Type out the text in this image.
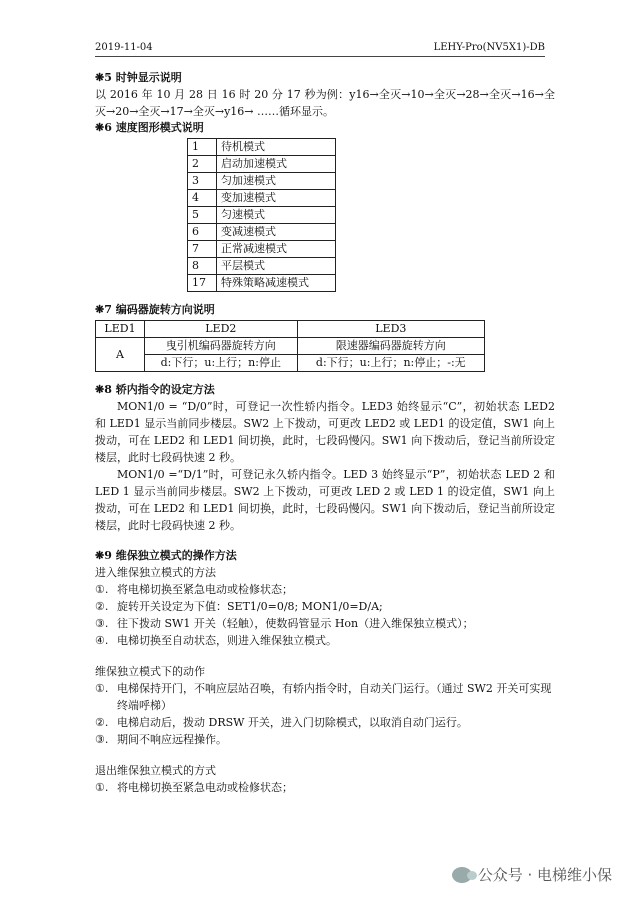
2019-11-04	LEHY-Pro(NV5X1)-DB

❋5 时钟显示说明

以 2016 年 10 月 28 日 16 时 20 分 17 秒为例：y16→全灭→10→全灭→28→全灭→16→全灭→20→全灭→17→全灭→y16→ ……循环显示。

❋6 速度图形模式说明

1	待机模式
2	启动加速模式
3	匀加速模式
4	变加速模式
5	匀速模式
6	变减速模式
7	正常减速模式
8	平层模式
17	特殊策略减速模式

❋7 编码器旋转方向说明

LED1	LED2	LED3
A	曳引机编码器旋转方向	限速器编码器旋转方向
	d:下行；u:上行；n:停止	d:下行；u:上行；n:停止；-:无

❋8 轿内指令的设定方法

MON1/0 = “D/0”时，可登记一次性轿内指令。LED3 始终显示“C”，初始状态 LED2 和 LED1 显示当前同步楼层。SW2 上下拨动，可更改 LED2 或 LED1 的设定值，SW1 向上拨动，可在 LED2 和 LED1 间切换，此时，七段码慢闪。SW1 向下拨动后，登记当前所设定楼层，此时七段码快速 2 秒。

MON1/0 =“D/1”时，可登记永久轿内指令。LED 3 始终显示“P”，初始状态 LED 2 和 LED 1 显示当前同步楼层。SW2 上下拨动，可更改 LED 2 或 LED 1 的设定值，SW1 向上拨动，可在 LED2 和 LED1 间切换，此时，七段码慢闪。SW1 向下拨动后，登记当前所设定楼层，此时七段码快速 2 秒。

❋9 维保独立模式的操作方法

进入维保独立模式的方法

①. 将电梯切换至紧急电动或检修状态；

②. 旋转开关设定为下值：SET1/0=0/8; MON1/0=D/A;

③. 往下拨动 SW1 开关（轻触），使数码管显示 Hon（进入维保独立模式）；

④. 电梯切换至自动状态，则进入维保独立模式。

维保独立模式下的动作

①. 电梯保持开门，不响应层站召唤，有轿内指令时，自动关门运行。（通过 SW2 开关可实现终端呼梯）

②. 电梯启动后，拨动 DRSW 开关，进入门切除模式，以取消自动门运行。

③. 期间不响应远程操作。

退出维保独立模式的方式

①. 将电梯切换至紧急电动或检修状态；

公众号 · 电梯维小保
